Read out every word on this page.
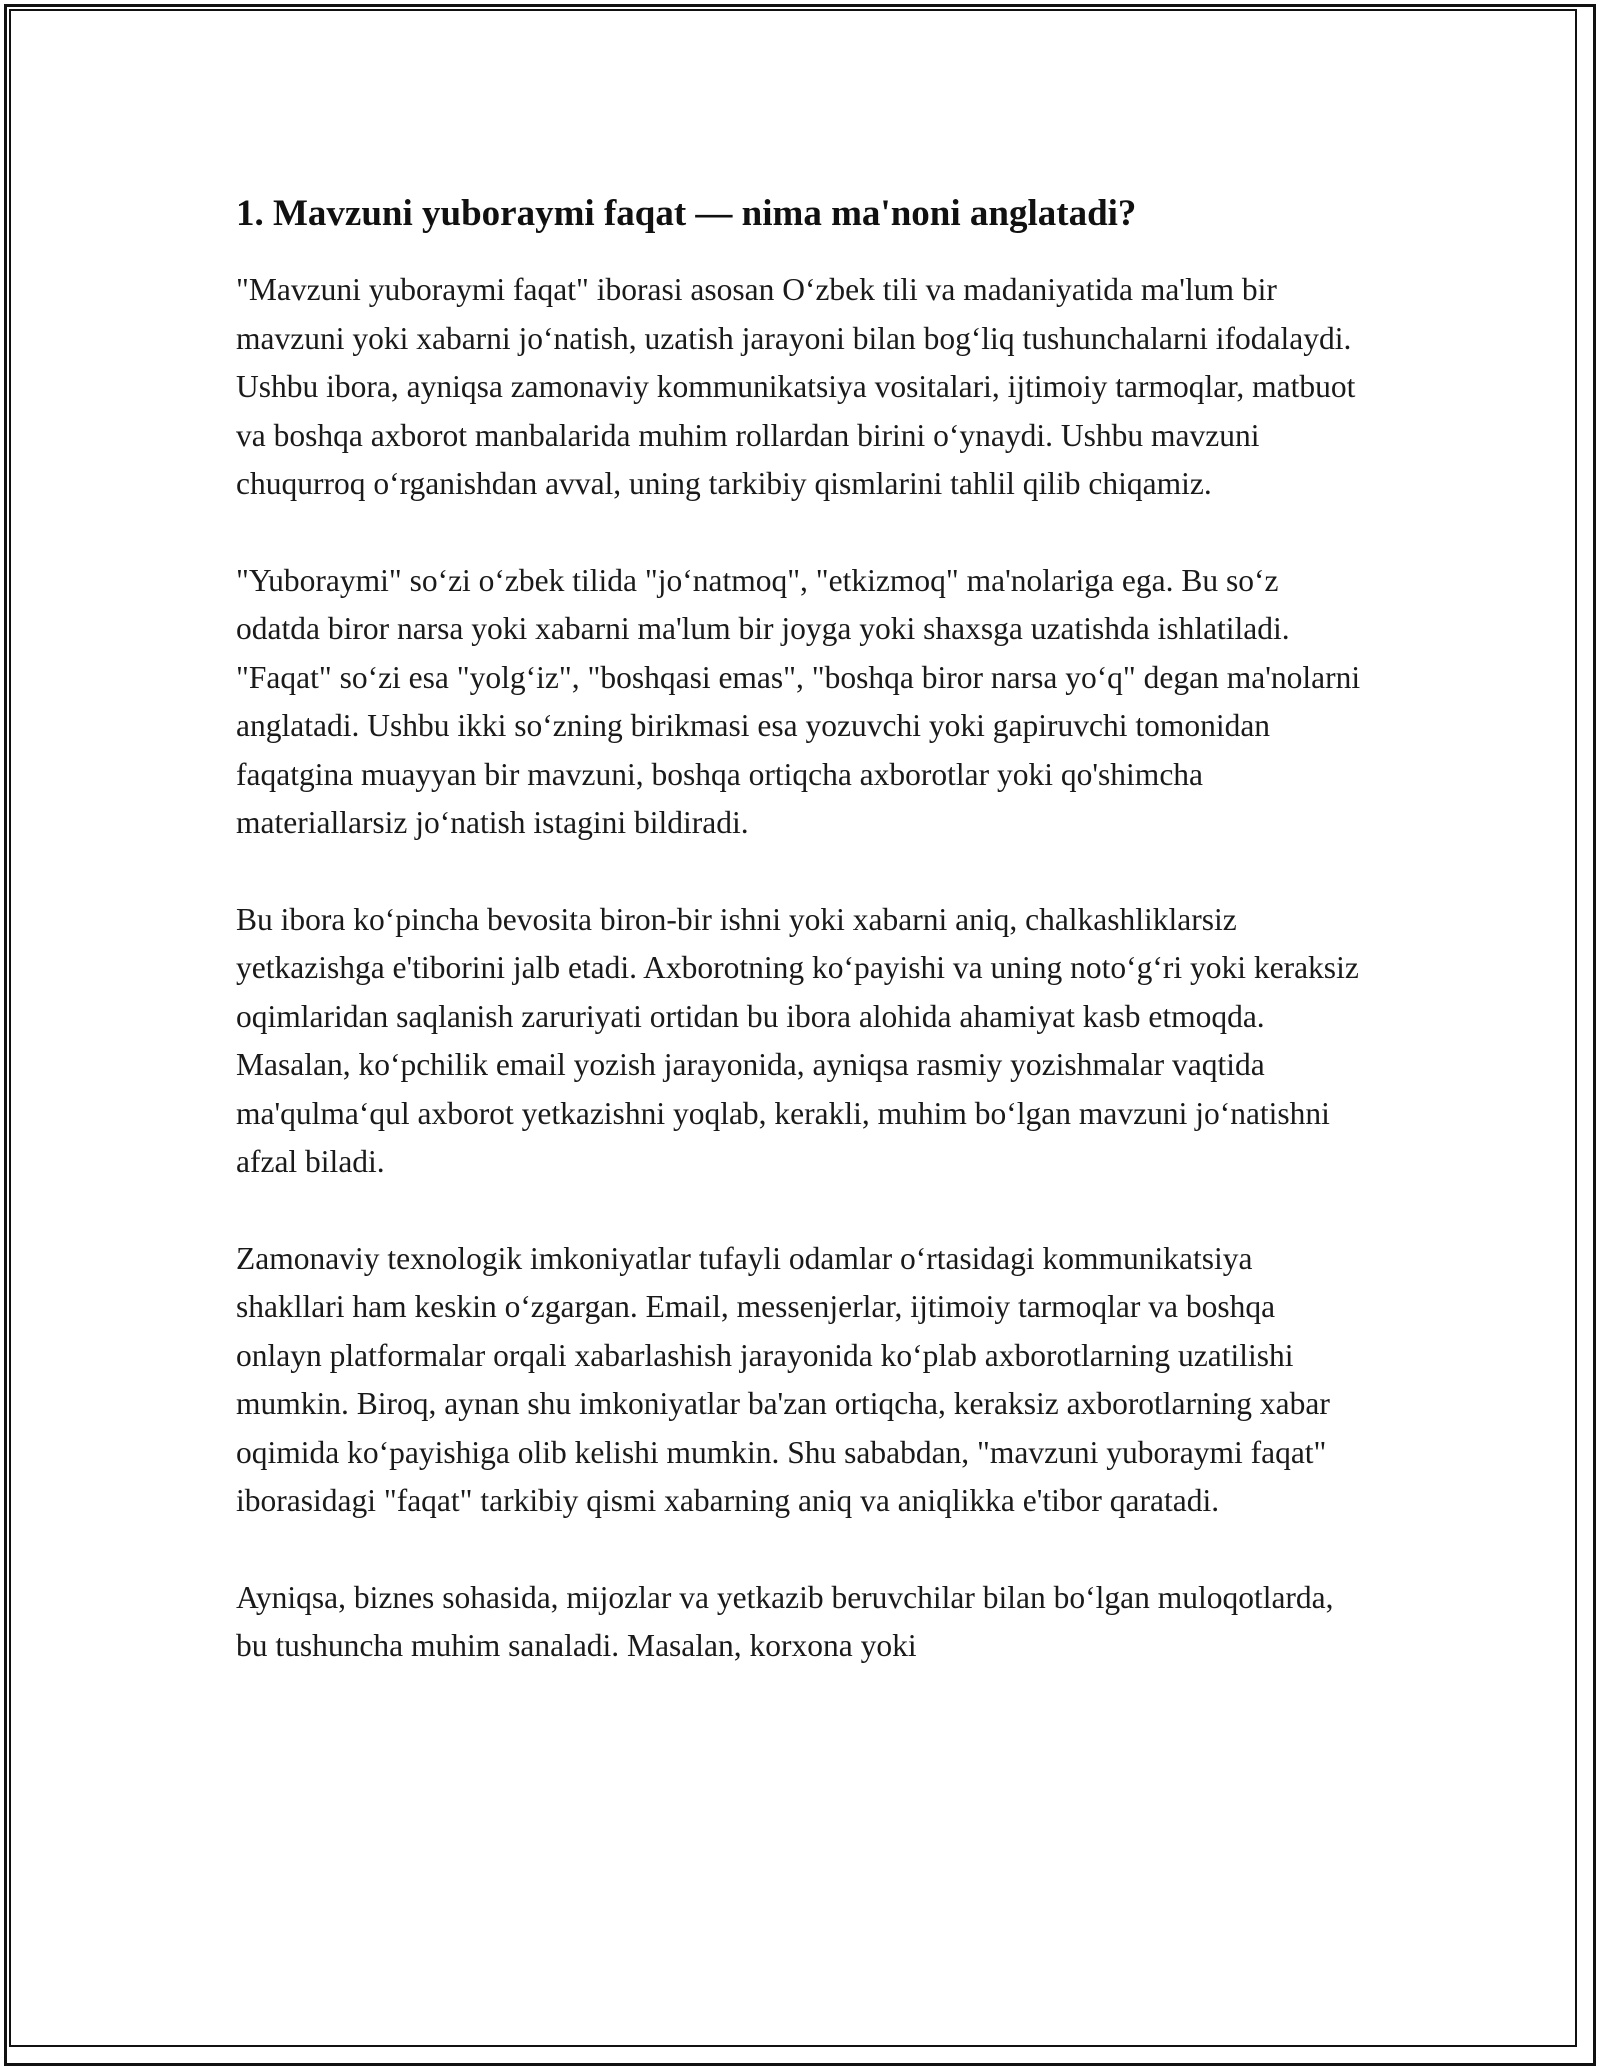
1. Mavzuni yuboraymi faqat — nima ma'noni anglatadi?

"Mavzuni yuboraymi faqat" iborasi asosan O‘zbek tili va madaniyatida ma'lum bir mavzuni yoki xabarni jo‘natish, uzatish jarayoni bilan bog‘liq tushunchalarni ifodalaydi. Ushbu ibora, ayniqsa zamonaviy kommunikatsiya vositalari, ijtimoiy tarmoqlar, matbuot va boshqa axborot manbalarida muhim rollardan birini o‘ynaydi. Ushbu mavzuni chuqurroq o‘rganishdan avval, uning tarkibiy qismlarini tahlil qilib chiqamiz.

"Yuboraymi" so‘zi o‘zbek tilida "jo‘natmoq", "etkizmoq" ma'nolariga ega. Bu so‘z odatda biror narsa yoki xabarni ma'lum bir joyga yoki shaxsga uzatishda ishlatiladi. "Faqat" so‘zi esa "yolg‘iz", "boshqasi emas", "boshqa biror narsa yo‘q" degan ma'nolarni anglatadi. Ushbu ikki so‘zning birikmasi esa yozuvchi yoki gapiruvchi tomonidan faqatgina muayyan bir mavzuni, boshqa ortiqcha axborotlar yoki qo'shimcha materiallarsiz jo‘natish istagini bildiradi.

Bu ibora ko‘pincha bevosita biron-bir ishni yoki xabarni aniq, chalkashliklarsiz yetkazishga e'tiborini jalb etadi. Axborotning ko‘payishi va uning noto‘g‘ri yoki keraksiz oqimlaridan saqlanish zaruriyati ortidan bu ibora alohida ahamiyat kasb etmoqda. Masalan, ko‘pchilik email yozish jarayonida, ayniqsa rasmiy yozishmalar vaqtida ma'qulma‘qul axborot yetkazishni yoqlab, kerakli, muhim bo‘lgan mavzuni jo‘natishni afzal biladi.

Zamonaviy texnologik imkoniyatlar tufayli odamlar o‘rtasidagi kommunikatsiya shakllari ham keskin o‘zgargan. Email, messenjerlar, ijtimoiy tarmoqlar va boshqa onlayn platformalar orqali xabarlashish jarayonida ko‘plab axborotlarning uzatilishi mumkin. Biroq, aynan shu imkoniyatlar ba'zan ortiqcha, keraksiz axborotlarning xabar oqimida ko‘payishiga olib kelishi mumkin. Shu sababdan, "mavzuni yuboraymi faqat" iborasidagi "faqat" tarkibiy qismi xabarning aniq va aniqlikka e'tibor qaratadi.

Ayniqsa, biznes sohasida, mijozlar va yetkazib beruvchilar bilan bo‘lgan muloqotlarda, bu tushuncha muhim sanaladi. Masalan, korxona yoki
